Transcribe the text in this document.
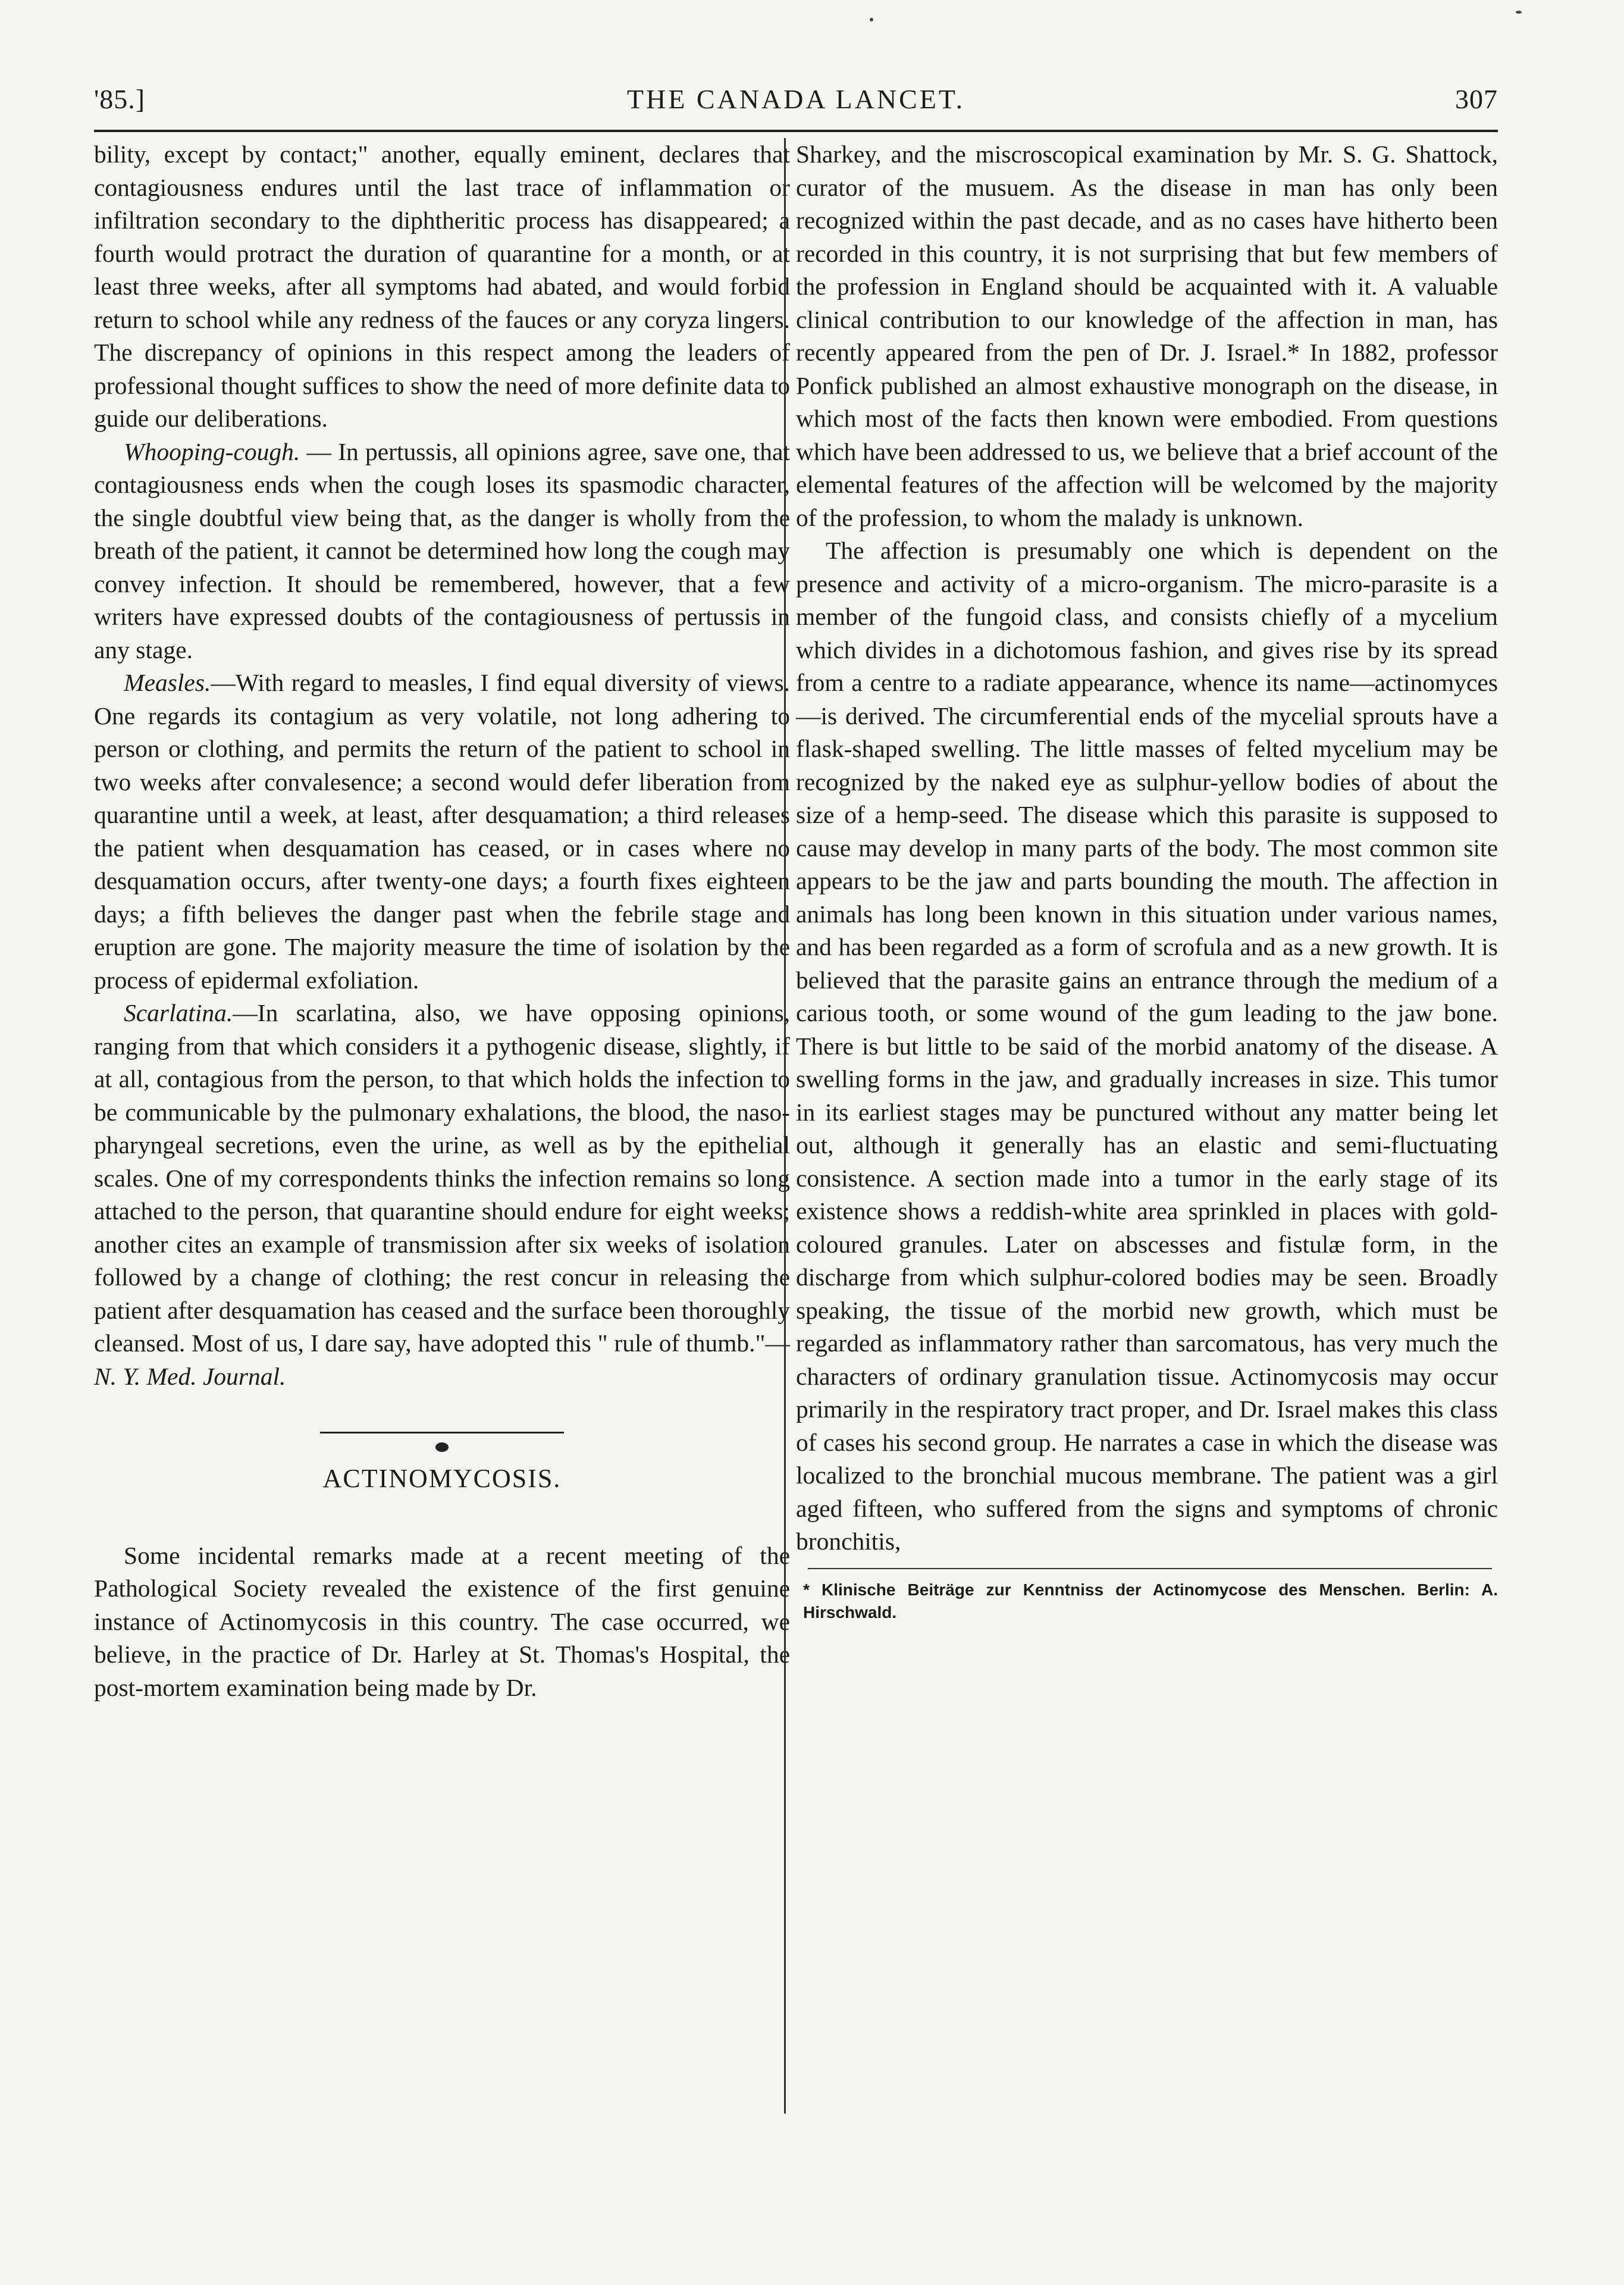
'85.]	THE CANADA LANCET.	307

bility, except by contact;" another, equally eminent, declares that contagiousness endures until the last trace of inflammation or infiltration secondary to the diphtheritic process has disappeared; a fourth would protract the duration of quarantine for a month, or at least three weeks, after all symptoms had abated, and would forbid return to school while any redness of the fauces or any coryza lingers. The discrepancy of opinions in this respect among the leaders of professional thought suffices to show the need of more definite data to guide our deliberations.

Whooping-cough. — In pertussis, all opinions agree, save one, that contagiousness ends when the cough loses its spasmodic character, the single doubtful view being that, as the danger is wholly from the breath of the patient, it cannot be determined how long the cough may convey infection. It should be remembered, however, that a few writers have expressed doubts of the contagiousness of pertussis in any stage.

Measles.—With regard to measles, I find equal diversity of views. One regards its contagium as very volatile, not long adhering to person or clothing, and permits the return of the patient to school in two weeks after convalesence; a second would defer liberation from quarantine until a week, at least, after desquamation; a third releases the patient when desquamation has ceased, or in cases where no desquamation occurs, after twenty-one days; a fourth fixes eighteen days; a fifth believes the danger past when the febrile stage and eruption are gone. The majority measure the time of isolation by the process of epidermal exfoliation.

Scarlatina.—In scarlatina, also, we have opposing opinions, ranging from that which considers it a pythogenic disease, slightly, if at all, contagious from the person, to that which holds the infection to be communicable by the pulmonary exhalations, the blood, the naso-pharyngeal secretions, even the urine, as well as by the epithelial scales. One of my correspondents thinks the infection remains so long attached to the person, that quarantine should endure for eight weeks; another cites an example of transmission after six weeks of isolation followed by a change of clothing; the rest concur in releasing the patient after desquamation has ceased and the surface been thoroughly cleansed. Most of us, I dare say, have adopted this " rule of thumb."—N. Y. Med. Journal.

ACTINOMYCOSIS.

Some incidental remarks made at a recent meeting of the Pathological Society revealed the existence of the first genuine instance of Actinomycosis in this country. The case occurred, we believe, in the practice of Dr. Harley at St. Thomas's Hospital, the post-mortem examination being made by Dr.

Sharkey, and the miscroscopical examination by Mr. S. G. Shattock, curator of the musuem. As the disease in man has only been recognized within the past decade, and as no cases have hitherto been recorded in this country, it is not surprising that but few members of the profession in England should be acquainted with it. A valuable clinical contribution to our knowledge of the affection in man, has recently appeared from the pen of Dr. J. Israel.* In 1882, professor Ponfick published an almost exhaustive monograph on the disease, in which most of the facts then known were embodied. From questions which have been addressed to us, we believe that a brief account of the elemental features of the affection will be welcomed by the majority of the profession, to whom the malady is unknown.

The affection is presumably one which is dependent on the presence and activity of a micro-organism. The micro-parasite is a member of the fungoid class, and consists chiefly of a mycelium which divides in a dichotomous fashion, and gives rise by its spread from a centre to a radiate appearance, whence its name—actinomyces—is derived. The circumferential ends of the mycelial sprouts have a flask-shaped swelling. The little masses of felted mycelium may be recognized by the naked eye as sulphur-yellow bodies of about the size of a hemp-seed. The disease which this parasite is supposed to cause may develop in many parts of the body. The most common site appears to be the jaw and parts bounding the mouth. The affection in animals has long been known in this situation under various names, and has been regarded as a form of scrofula and as a new growth. It is believed that the parasite gains an entrance through the medium of a carious tooth, or some wound of the gum leading to the jaw bone. There is but little to be said of the morbid anatomy of the disease. A swelling forms in the jaw, and gradually increases in size. This tumor in its earliest stages may be punctured without any matter being let out, although it generally has an elastic and semi-fluctuating consistence. A section made into a tumor in the early stage of its existence shows a reddish-white area sprinkled in places with gold-coloured granules. Later on abscesses and fistulæ form, in the discharge from which sulphur-colored bodies may be seen. Broadly speaking, the tissue of the morbid new growth, which must be regarded as inflammatory rather than sarcomatous, has very much the characters of ordinary granulation tissue. Actinomycosis may occur primarily in the respiratory tract proper, and Dr. Israel makes this class of cases his second group. He narrates a case in which the disease was localized to the bronchial mucous membrane. The patient was a girl aged fifteen, who suffered from the signs and symptoms of chronic bronchitis,

* Klinische Beiträge zur Kenntniss der Actinomycose des Menschen. Berlin: A. Hirschwald.
